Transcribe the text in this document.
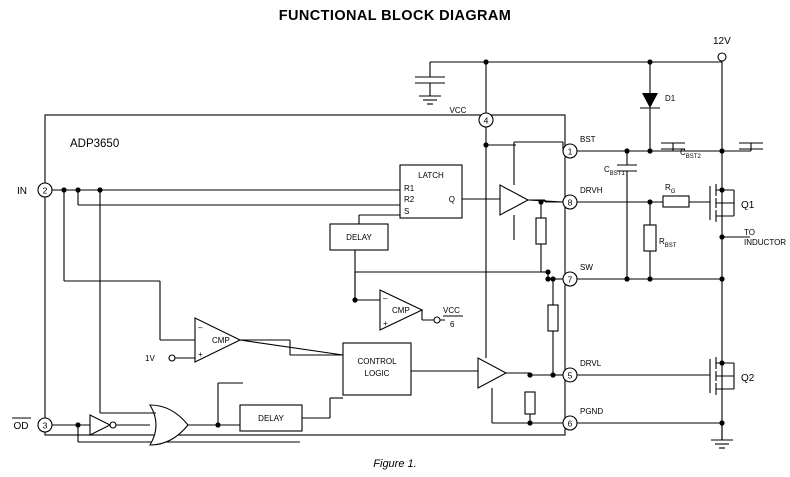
FUNCTIONAL BLOCK DIAGRAM
4
VCC
D1
1
BST
$C_{BST2}$
$C_{BST1}$
12V
8
DRVH	$R_G$
$R_{BST}$
Q1
TO
INDUCTOR
7
SW
5
DRVL
Q2
6
PGND
2
IN
3
OD
DELAY
CONTROL
LOGIC
CMP
–
+
1V
CMP
–
+
VCC
6
DELAY
LATCH
R1
R2
S
Q
ADP3650
Figure 1.
